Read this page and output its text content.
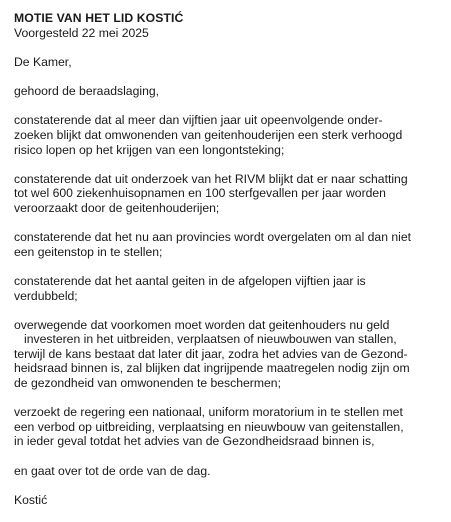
MOTIE VAN HET LID KOSTIĆ
Voorgesteld 22 mei 2025
De Kamer,
gehoord de beraadslaging,
constaterende dat al meer dan vijftien jaar uit opeenvolgende onder-
zoeken blijkt dat omwonenden van geitenhouderijen een sterk verhoogd
risico lopen op het krijgen van een longontsteking;
constaterende dat uit onderzoek van het RIVM blijkt dat er naar schatting
tot wel 600 ziekenhuisopnamen en 100 sterfgevallen per jaar worden
veroorzaakt door de geitenhouderijen;
constaterende dat het nu aan provincies wordt overgelaten om al dan niet
een geitenstop in te stellen;
constaterende dat het aantal geiten in de afgelopen vijftien jaar is
verdubbeld;
overwegende dat voorkomen moet worden dat geitenhouders nu geld
investeren in het uitbreiden, verplaatsen of nieuwbouwen van stallen,
terwijl de kans bestaat dat later dit jaar, zodra het advies van de Gezond-
heidsraad binnen is, zal blijken dat ingrijpende maatregelen nodig zijn om
de gezondheid van omwonenden te beschermen;
verzoekt de regering een nationaal, uniform moratorium in te stellen met
een verbod op uitbreiding, verplaatsing en nieuwbouw van geitenstallen,
in ieder geval totdat het advies van de Gezondheidsraad binnen is,
en gaat over tot de orde van de dag.
Kostić
